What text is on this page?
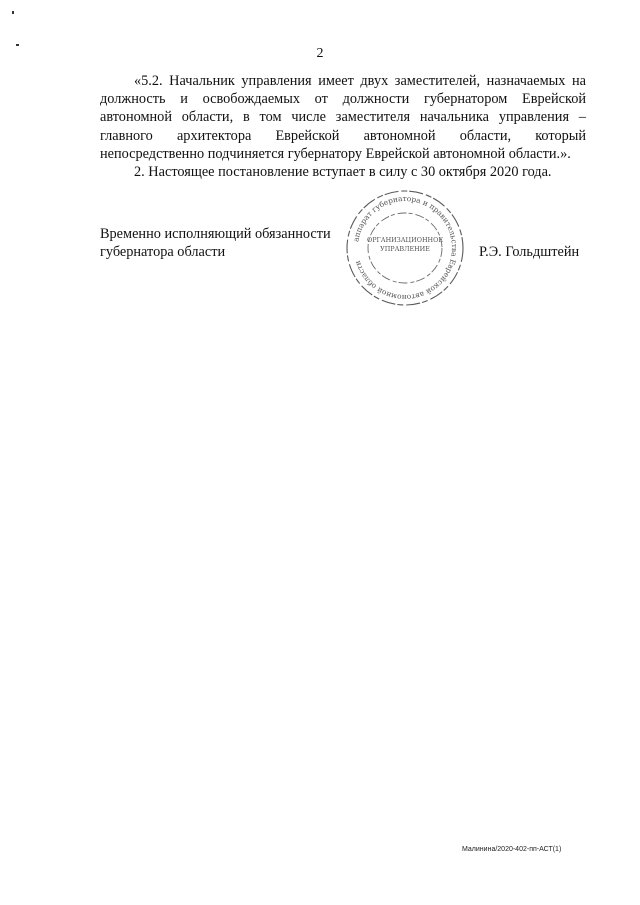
2

«5.2. Начальник управления имеет двух заместителей, назначаемых на должность и освобождаемых от должности губернатором Еврейской автономной области, в том числе заместителя начальника управления – главного архитектора Еврейской автономной области, который непосредственно подчиняется губернатору Еврейской автономной области.».

2. Настоящее постановление вступает в силу с 30 октября 2020 года.

Временно исполняющий обязанности
губернатора области
аппарат губернатора и правительства Еврейской автономной области
ОРГАНИЗАЦИОННОЕ
УПРАВЛЕНИЕ	Р.Э. Гольдштейн
Малинина/2020-402-пп-АСТ(1)
